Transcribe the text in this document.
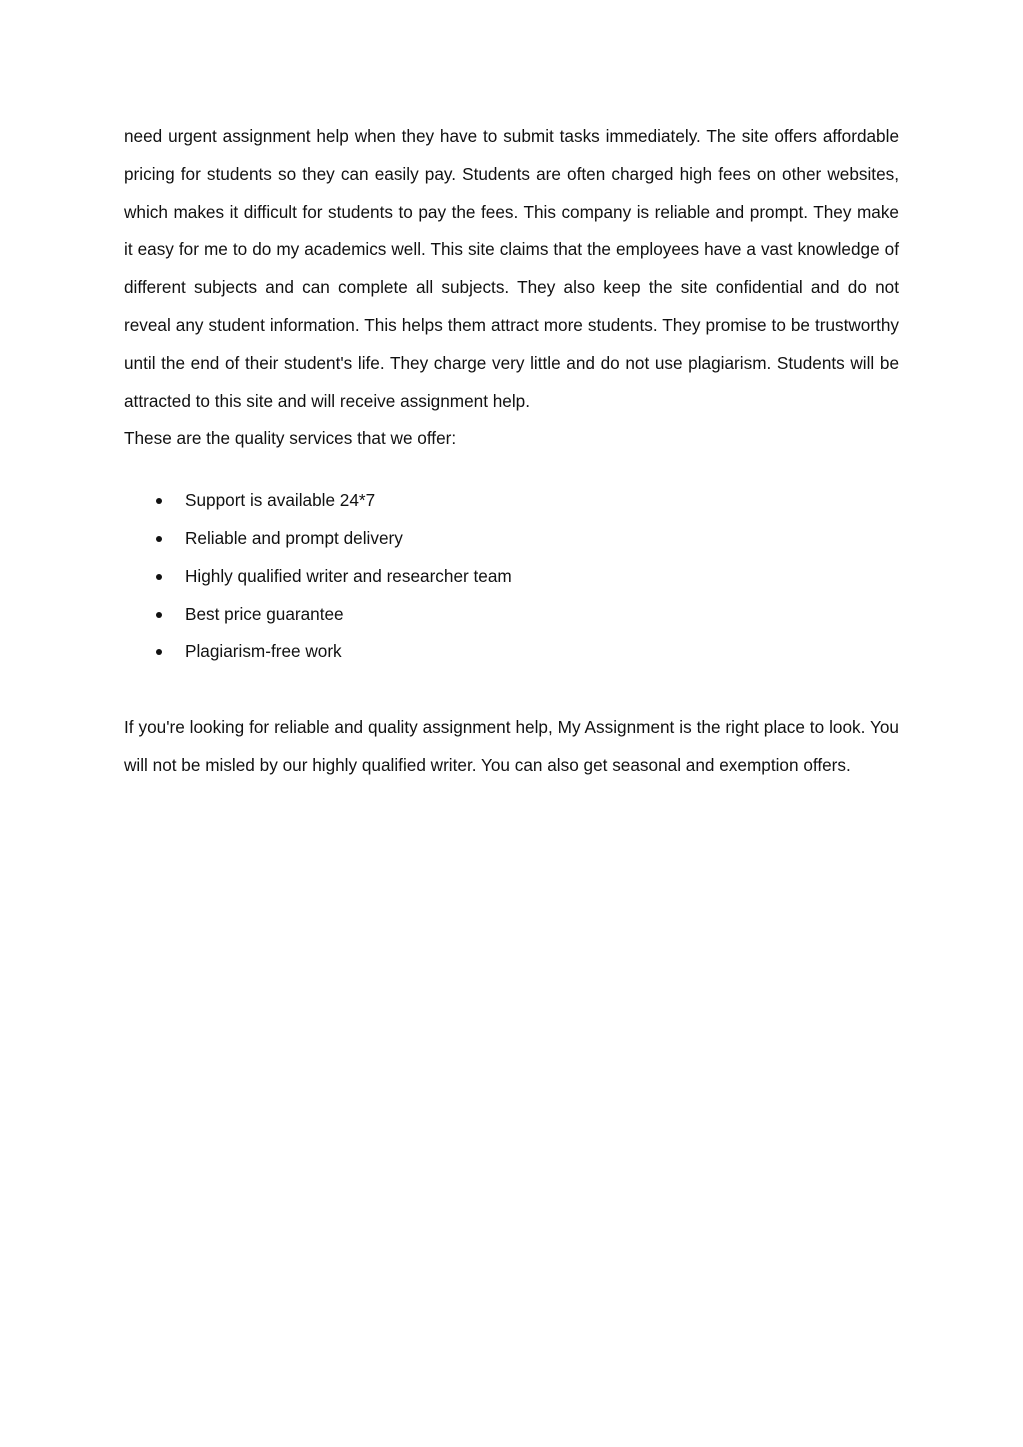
need urgent assignment help when they have to submit tasks immediately. The site offers affordable pricing for students so they can easily pay. Students are often charged high fees on other websites, which makes it difficult for students to pay the fees. This company is reliable and prompt. They make it easy for me to do my academics well. This site claims that the employees have a vast knowledge of different subjects and can complete all subjects. They also keep the site confidential and do not reveal any student information. This helps them attract more students. They promise to be trustworthy until the end of their student's life. They charge very little and do not use plagiarism. Students will be attracted to this site and will receive assignment help.

These are the quality services that we offer:

Support is available 24*7
Reliable and prompt delivery
Highly qualified writer and researcher team
Best price guarantee
Plagiarism-free work

If you're looking for reliable and quality assignment help, My Assignment is the right place to look. You will not be misled by our highly qualified writer. You can also get seasonal and exemption offers.
